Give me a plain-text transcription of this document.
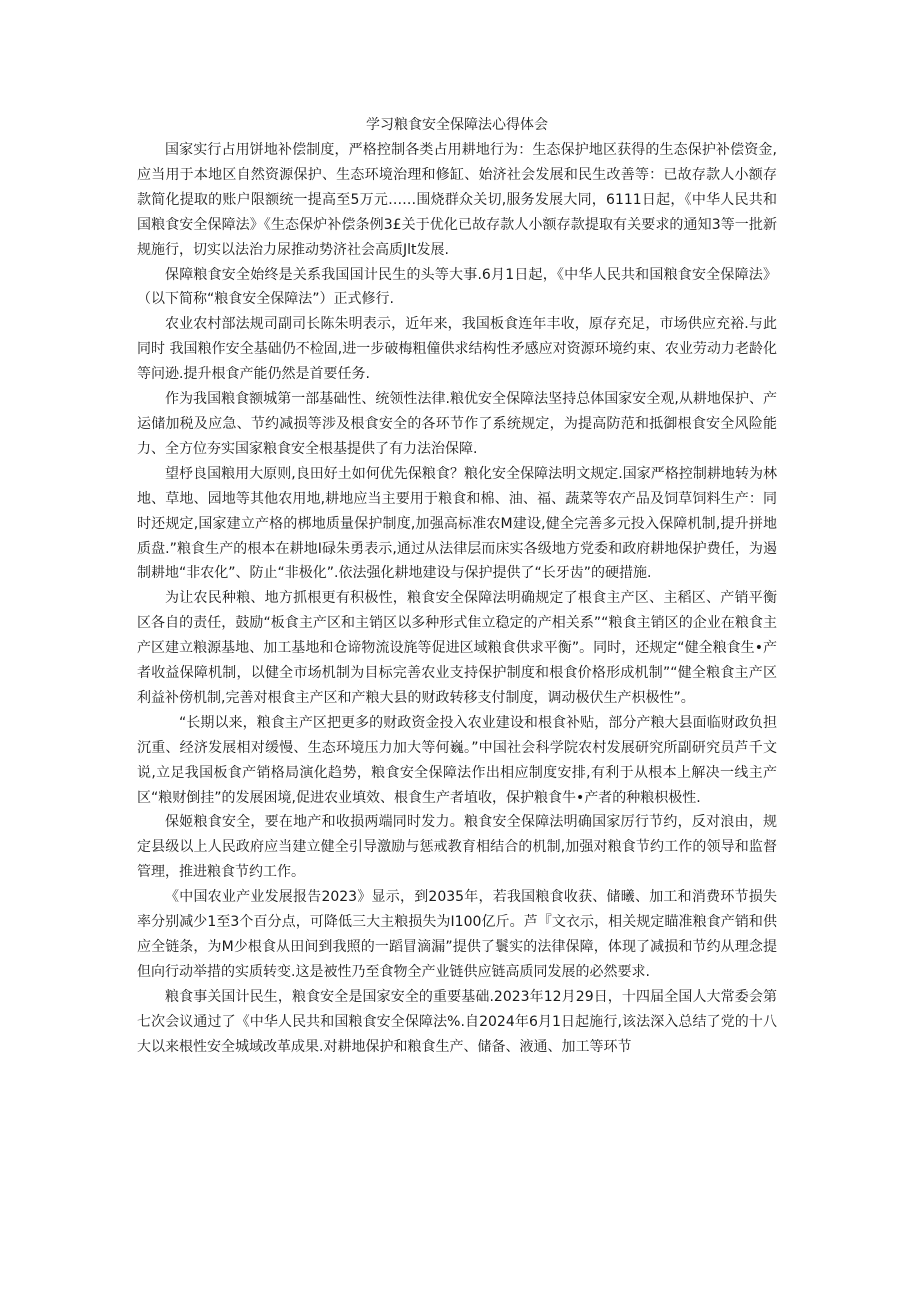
学习粮食安全保障法心得体会

国家实行占用饼地补偿制度，严格控制各类占用耕地行为：生态保护地区获得的生态保护补偿资金,应当用于本地区自然资源保护、生态环境治理和修缸、始济社会发展和民生改善等：已故存款人小额存款简化提取的账户限额统一提高至5万元……围烧群众关切,服务发展大同，6111日起，《中华人民共和国粮食安全保障法》《生态保炉补偿条例3£关于优化已故存款人小额存款提取有关要求的通知3等一批新规施行，切实以法治力尿推动势济社会高质Jlt发展.

保障粮食安全始终是关系我国国计民生的头等大事.6月1日起，《中华人民共和国粮食安全保障法》（以下简称“粮食安全保障法”）正式修行.

农业农村部法规司副司长陈朱明表示，近年来，我国板食连年丰收，原存充足，市场供应充裕.与此同时 我国粮作安全基础仍不检固,进一步破梅粗僮供求结构性矛感应对资源环境约束、农业劳动力老龄化等问逊.提升根食产能仍然是首要任务.

作为我国粮食额城第一部基础性、统领性法律.粮优安全保障法坚持总体国家安全观,从耕地保护、产运储加税及应急、节约减损等涉及根食安全的各环节作了系统规定，为提高防范和抵御根食安全风险能力、全方位夯实国家粮食安全根基提供了有力法治保障.

望杼良国粮用大原则,良田好土如何优先保粮食？粮化安全保障法明文规定.国家严格控制耕地转为林地、草地、园地等其他农用地,耕地应当主要用于粮食和棉、油、福、蔬菜等农产品及饲草饲料生产：同时还规定,国家建立产格的梆地质量保护制度,加强高标准农M建设,健全完善多元投入保障机制,提升拼地质盘.”粮食生产的根本在耕地I碌朱勇表示,通过从法律层而床实各级地方党委和政府耕地保护费任，为遏制耕地“非农化”、防止“非极化”.依法强化耕地建设与保护提供了“长牙齿”的硬措施.

为让农民种粮、地方抓根更有积极性，粮食安全保障法明确规定了根食主产区、主稻区、产销平衡区各自的责任，鼓励“板食主产区和主销区以多种形式隹立稳定的产相关系”“粮食主销区的企业在粮食主产区建立粮源基地、加工基地和仓谛物流设旄等促进区域粮食供求平衡”。同时，还规定“健全粮食生•产者收益保障机制，以健全市场机制为目标完善农业支持保护制度和根食价格形成机制”“健全粮食主产区利益补傍机制,完善对根食主产区和产粮大县的财政转移支付制度，调动极伏生产枳极性”。

“长期以来，粮食主产区把更多的财政资金投入农业建设和根食补贴，部分产粮大县面临财政负担沉重、经济发展相对缓慢、生态环境压力加大等何巍。”中国社会科学院农村发展研究所副研究员芦千文说,立足我国板食产销格局演化趋势，粮食安全保障法作出相应制度安排,有利于从根本上解决一线主产区“粮财倒挂”的发展困境,促进农业填效、根食生产者埴收，保护粮食牛•产者的种粮枳极性.

保姬粮食安全，要在地产和收损两端同时发力。粮食安全保障法明确国家厉行节约，反对浪由，规定县级以上人民政府应当建立健全引导激励与惩戒教育相结合的机制,加强对粮食节约工作的领导和监督管理，推进粮食节约工作。

《中国农业产业发展报告2023》显示，到2035年，若我国粮食收获、储曦、加工和消费环节损失率分别减少1至3个百分点，可降低三大主粮损失为I100亿斤。芦『文衣示，相关规定瞄准粮食产销和供应全链条，为M少根食从田间到我照的一蹈冒滴漏”提供了鬟实的法律保障，体现了减损和节约从理念提但向行动举措的实质转变.这是被性乃至食物全产业链供应链高质同发展的必然要求.

粮食事关国计民生，粮食安全是国家安全的重要基础.2023年12月29日，十四届全国人大常委会第七次会议通过了《中华人民共和国粮食安全保障法%.自2024年6月1日起施行,该法深入总结了党的十八大以来根性安全城域改革成果.对耕地保护和粮食生产、储备、液通、加工等环节
